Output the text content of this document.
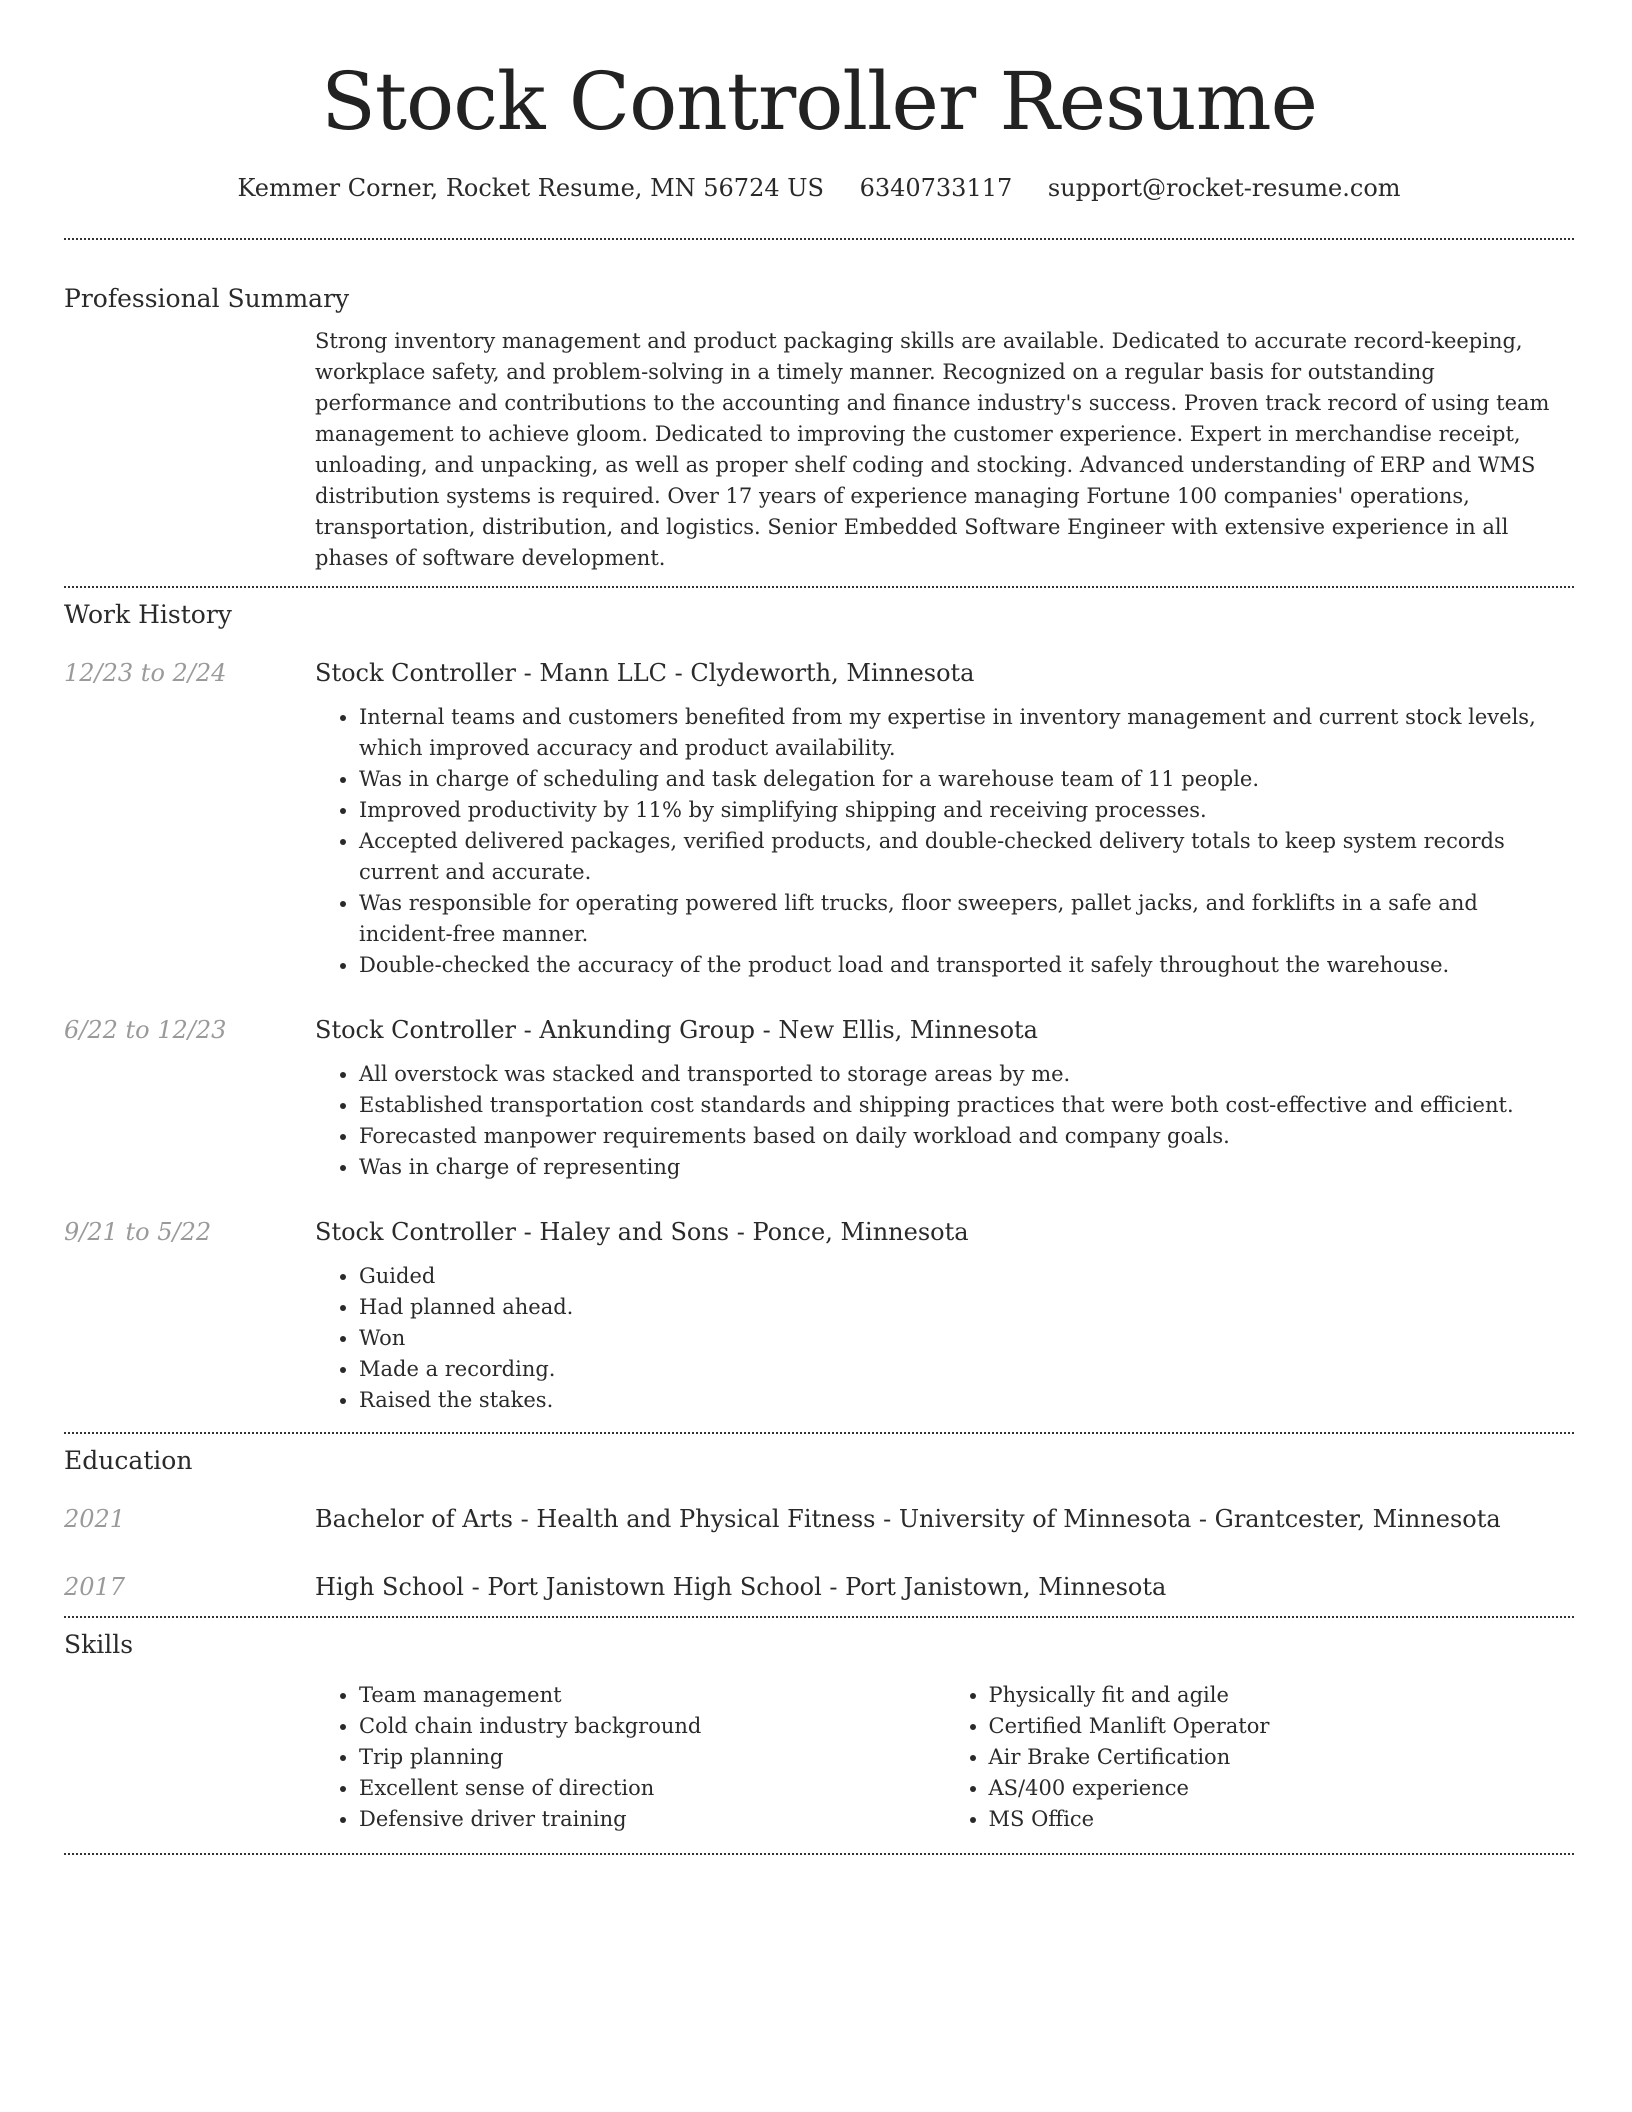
Stock Controller Resume
Kemmer Corner, Rocket Resume, MN 56724 US 6340733117 support@rocket-resume.com
Professional Summary
Strong inventory management and product packaging skills are available. Dedicated to accurate record-keeping, workplace safety, and problem-solving in a timely manner. Recognized on a regular basis for outstanding performance and contributions to the accounting and finance industry's success. Proven track record of using team management to achieve gloom. Dedicated to improving the customer experience. Expert in merchandise receipt, unloading, and unpacking, as well as proper shelf coding and stocking. Advanced understanding of ERP and WMS distribution systems is required. Over 17 years of experience managing Fortune 100 companies' operations, transportation, distribution, and logistics. Senior Embedded Software Engineer with extensive experience in all phases of software development.
Work History
12/23 to 2/24	Stock Controller - Mann LLC - Clydeworth, Minnesota
• Internal teams and customers benefited from my expertise in inventory management and current stock levels, which improved accuracy and product availability.
• Was in charge of scheduling and task delegation for a warehouse team of 11 people.
• Improved productivity by 11% by simplifying shipping and receiving processes.
• Accepted delivered packages, verified products, and double-checked delivery totals to keep system records current and accurate.
• Was responsible for operating powered lift trucks, floor sweepers, pallet jacks, and forklifts in a safe and incident-free manner.
• Double-checked the accuracy of the product load and transported it safely throughout the warehouse.
6/22 to 12/23	Stock Controller - Ankunding Group - New Ellis, Minnesota
• All overstock was stacked and transported to storage areas by me.
• Established transportation cost standards and shipping practices that were both cost-effective and efficient.
• Forecasted manpower requirements based on daily workload and company goals.
• Was in charge of representing
9/21 to 5/22	Stock Controller - Haley and Sons - Ponce, Minnesota
• Guided
• Had planned ahead.
• Won
• Made a recording.
• Raised the stakes.
Education
2021	Bachelor of Arts - Health and Physical Fitness - University of Minnesota - Grantcester, Minnesota
2017	High School - Port Janistown High School - Port Janistown, Minnesota
Skills
• Team management
• Cold chain industry background
• Trip planning
• Excellent sense of direction
• Defensive driver training
• Physically fit and agile
• Certified Manlift Operator
• Air Brake Certification
• AS/400 experience
• MS Office
